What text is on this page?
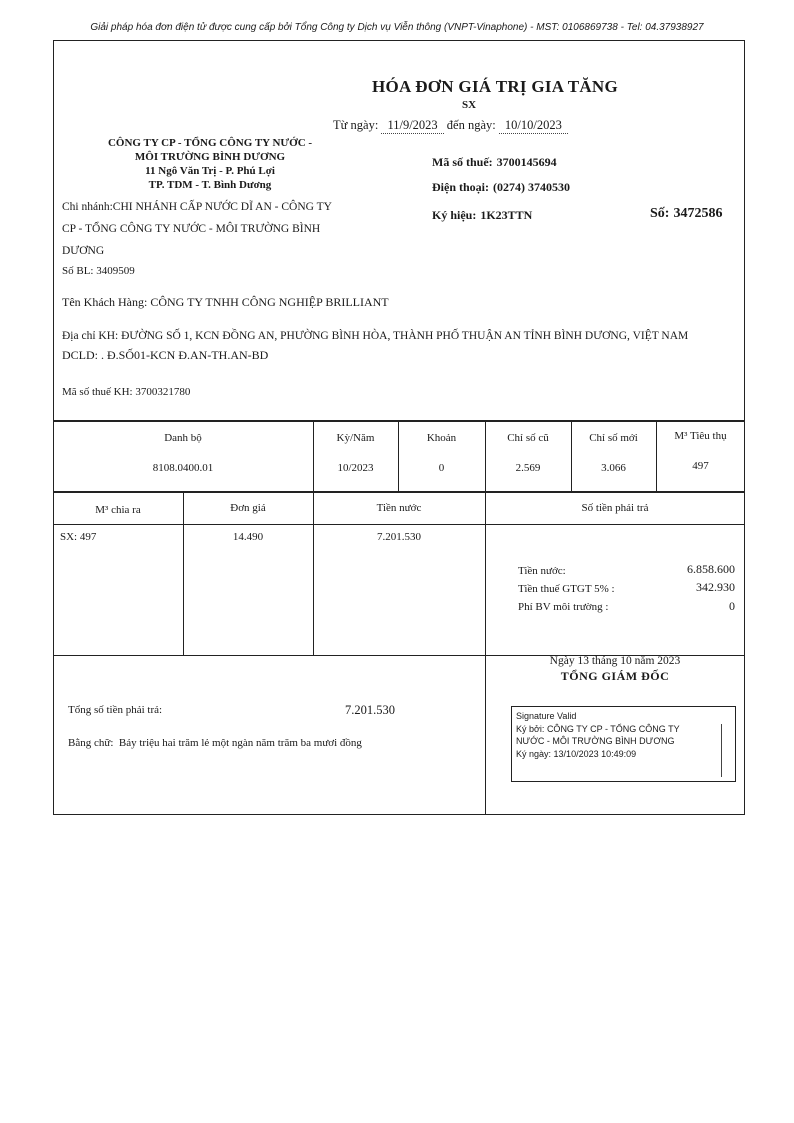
Giải pháp hóa đơn điện tử được cung cấp bởi Tổng Công ty Dịch vụ Viễn thông (VNPT-Vinaphone) - MST: 0106869738 - Tel: 04.37938927
HÓA ĐƠN GIÁ TRỊ GIA TĂNG
SX
Từ ngày: 11/9/2023 đến ngày: 10/10/2023
CÔNG TY CP - TỔNG CÔNG TY NƯỚC -
MÔI TRƯỜNG BÌNH DƯƠNG
11 Ngô Văn Trị - P. Phú Lợi
TP. TDM - T. Bình Dương
Mã số thuế: 3700145694
Điện thoại: (0274) 3740530
Ký hiệu: 1K23TTN	Số: 3472586
Chi nhánh:CHI NHÁNH CẤP NƯỚC DĨ AN - CÔNG TY
CP - TỔNG CÔNG TY NƯỚC - MÔI TRƯỜNG BÌNH
DƯƠNG
Số BL: 3409509
Tên Khách Hàng: CÔNG TY TNHH CÔNG NGHIỆP BRILLIANT
Địa chỉ KH: ĐƯỜNG SỐ 1, KCN ĐỒNG AN, PHƯỜNG BÌNH HÒA, THÀNH PHỐ THUẬN AN TỈNH BÌNH DƯƠNG, VIỆT NAM
DCLD: . Đ.SỐ01-KCN Đ.AN-TH.AN-BD
Mã số thuế KH: 3700321780
Danh bộ	Kỳ/Năm	Khoản	Chỉ số cũ	Chỉ số mới	M³ Tiêu thụ
8108.0400.01	10/2023	0	2.569	3.066	497
M³ chia ra	Đơn giá	Tiền nước	Số tiền phải trả
SX: 497	14.490	7.201.530
Tiền nước:	6.858.600
Tiền thuế GTGT 5% :	342.930
Phí BV môi trường :	0
Tổng số tiền phải trả:	7.201.530
Bằng chữ: Bảy triệu hai trăm lẻ một ngàn năm trăm ba mươi đồng
Ngày 13 tháng 10 năm 2023
TỔNG GIÁM ĐỐC
Signature Valid
Ký bởi: CÔNG TY CP - TỔNG CÔNG TY
NƯỚC - MÔI TRƯỜNG BÌNH DƯƠNG
Ký ngày: 13/10/2023 10:49:09
